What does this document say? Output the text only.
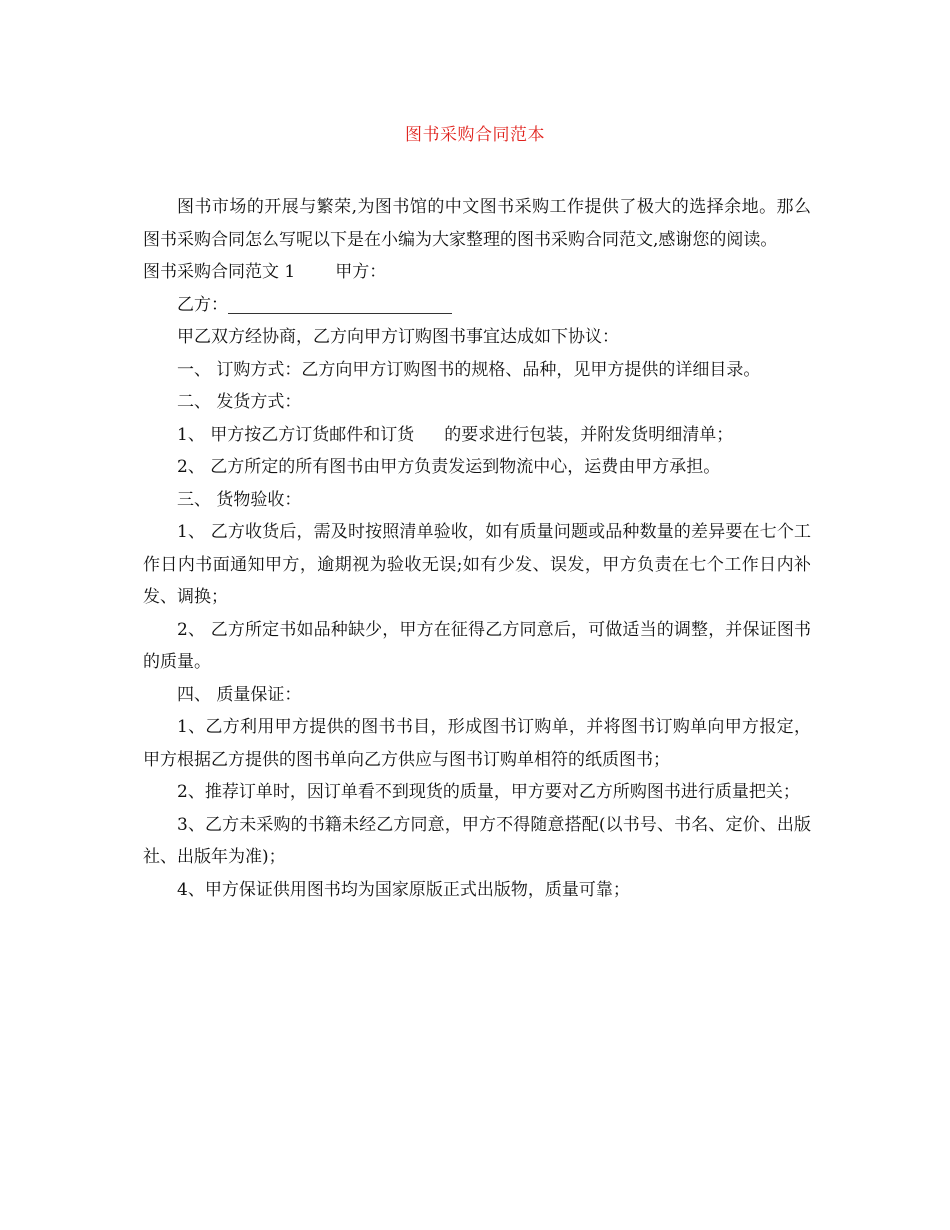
图书采购合同范本

图书市场的开展与繁荣,为图书馆的中文图书采购工作提供了极大的选择余地。那么图书采购合同怎么写呢以下是在小编为大家整理的图书采购合同范文,感谢您的阅读。

图书采购合同范文 1 甲方：

乙方：

甲乙双方经协商，乙方向甲方订购图书事宜达成如下协议：

一、 订购方式：乙方向甲方订购图书的规格、品种，见甲方提供的详细目录。

二、 发货方式：

1、 甲方按乙方订货邮件和订货 的要求进行包装，并附发货明细清单；

2、 乙方所定的所有图书由甲方负责发运到物流中心，运费由甲方承担。

三、 货物验收：

1、 乙方收货后，需及时按照清单验收，如有质量问题或品种数量的差异要在七个工作日内书面通知甲方，逾期视为验收无误;如有少发、误发，甲方负责在七个工作日内补发、调换；

2、 乙方所定书如品种缺少，甲方在征得乙方同意后，可做适当的调整，并保证图书的质量。

四、 质量保证：

1、乙方利用甲方提供的图书书目，形成图书订购单，并将图书订购单向甲方报定，甲方根据乙方提供的图书单向乙方供应与图书订购单相符的纸质图书；

2、推荐订单时，因订单看不到现货的质量，甲方要对乙方所购图书进行质量把关；

3、乙方未采购的书籍未经乙方同意，甲方不得随意搭配(以书号、书名、定价、出版社、出版年为准)；

4、甲方保证供用图书均为国家原版正式出版物，质量可靠；
